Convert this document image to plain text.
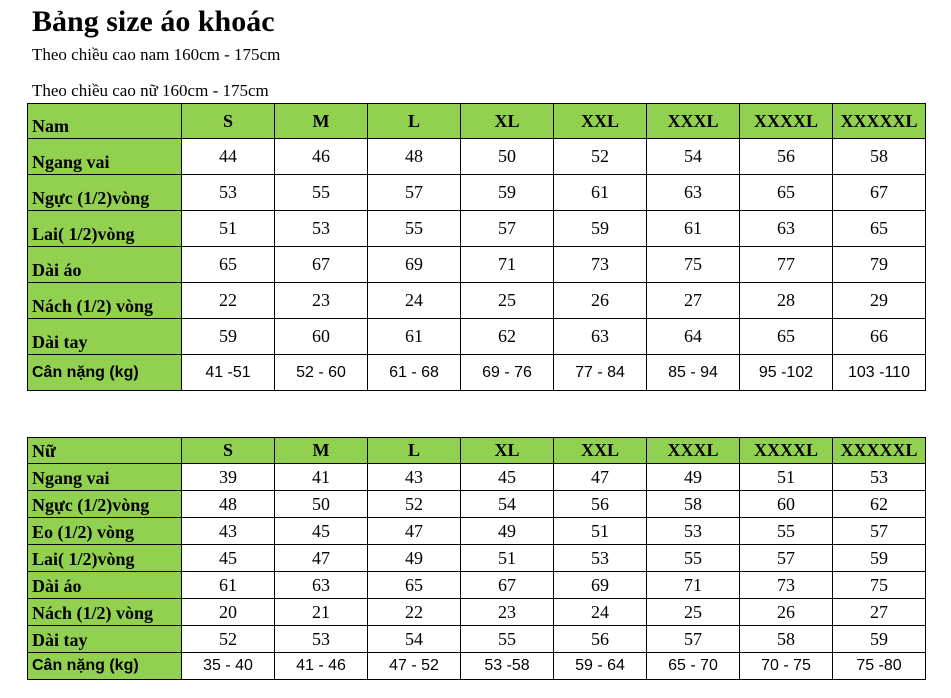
Bảng size áo khoác

Theo chiều cao nam 160cm - 175cm

Theo chiều cao nữ 160cm - 175cm

Nam	S	M	L	XL	XXL	XXXL	XXXXL	XXXXXL
Ngang vai	44	46	48	50	52	54	56	58
Ngực (1/2)vòng	53	55	57	59	61	63	65	67
Lai( 1/2)vòng	51	53	55	57	59	61	63	65
Dài áo	65	67	69	71	73	75	77	79
Nách (1/2) vòng	22	23	24	25	26	27	28	29
Dài tay	59	60	61	62	63	64	65	66
Cân nặng (kg)	41 -51	52 - 60	61 - 68	69 - 76	77 - 84	85 - 94	95 -102	103 -110
Nữ	S	M	L	XL	XXL	XXXL	XXXXL	XXXXXL
Ngang vai	39	41	43	45	47	49	51	53
Ngực (1/2)vòng	48	50	52	54	56	58	60	62
Eo (1/2) vòng	43	45	47	49	51	53	55	57
Lai( 1/2)vòng	45	47	49	51	53	55	57	59
Dài áo	61	63	65	67	69	71	73	75
Nách (1/2) vòng	20	21	22	23	24	25	26	27
Dài tay	52	53	54	55	56	57	58	59
Cân nặng (kg)	35 - 40	41 - 46	47 - 52	53 -58	59 - 64	65 - 70	70 - 75	75 -80
